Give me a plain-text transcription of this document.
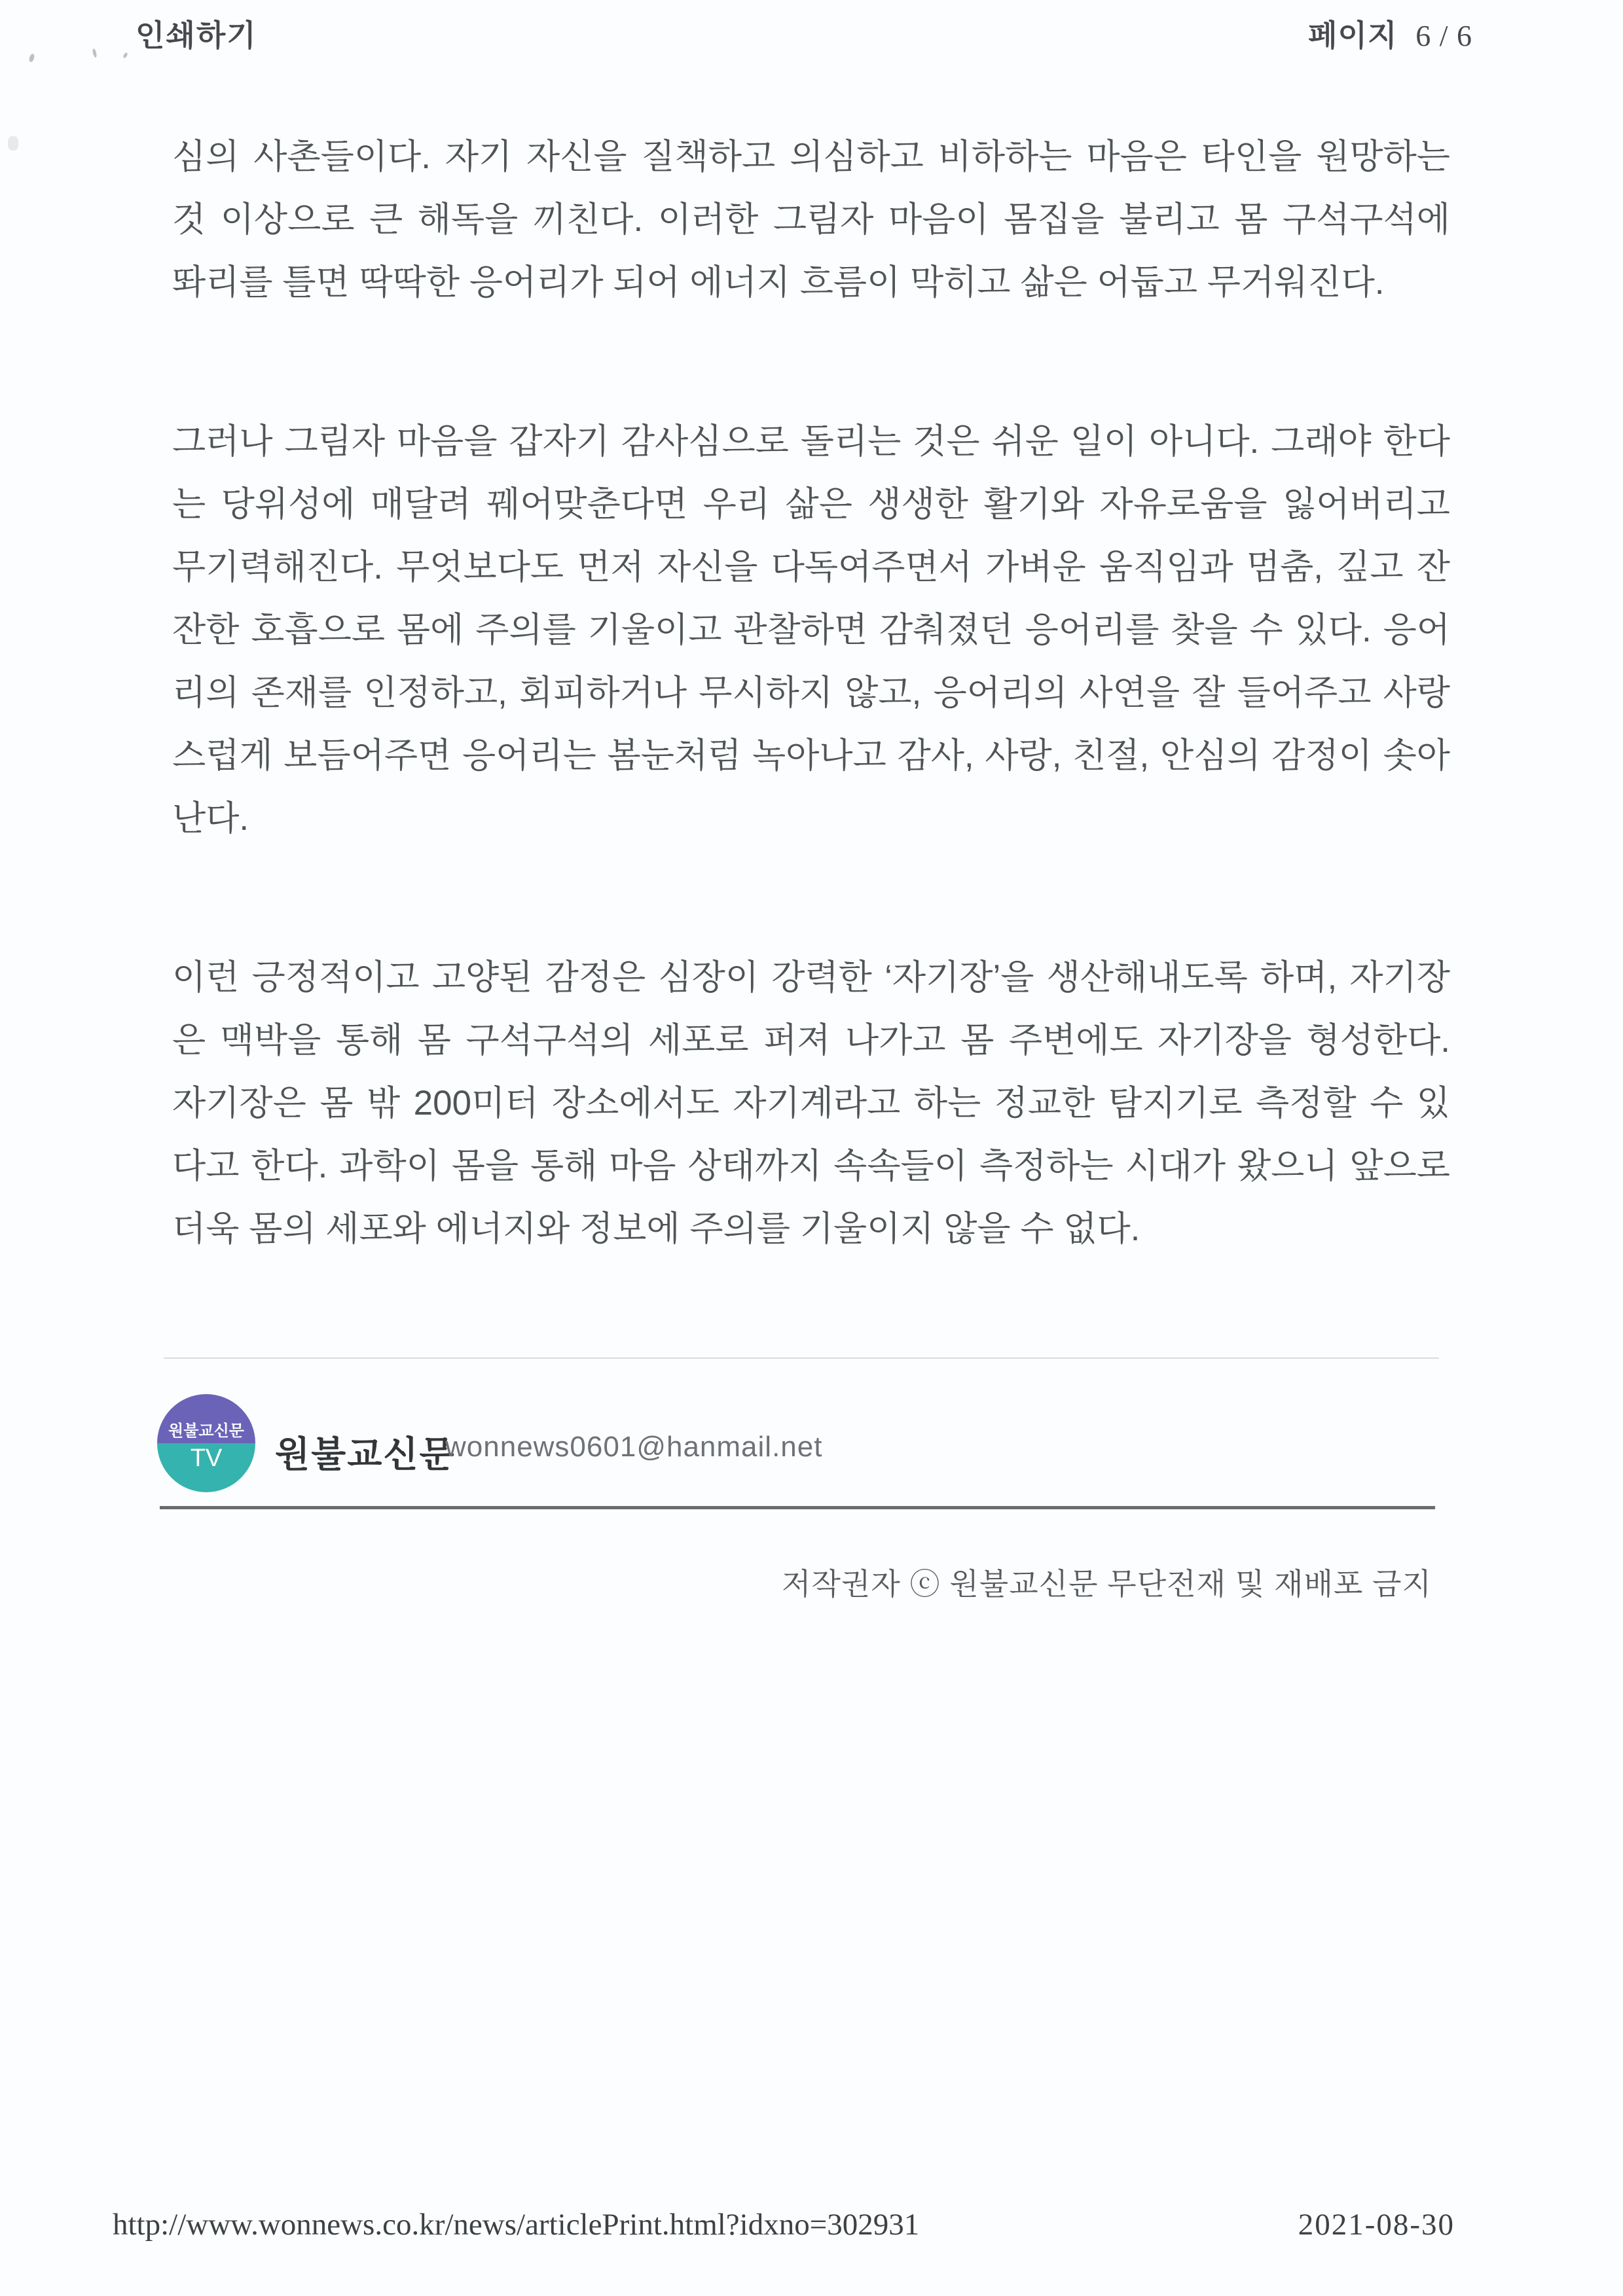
인쇄하기	페이지 6 / 6
심의 사촌들이다. 자기 자신을 질책하고 의심하고 비하하는 마음은 타인을 원망하는
것 이상으로 큰 해독을 끼친다. 이러한 그림자 마음이 몸집을 불리고 몸 구석구석에
똬리를 틀면 딱딱한 응어리가 되어 에너지 흐름이 막히고 삶은 어둡고 무거워진다.
그러나 그림자 마음을 갑자기 감사심으로 돌리는 것은 쉬운 일이 아니다. 그래야 한다
는 당위성에 매달려 꿰어맞춘다면 우리 삶은 생생한 활기와 자유로움을 잃어버리고
무기력해진다. 무엇보다도 먼저 자신을 다독여주면서 가벼운 움직임과 멈춤, 깊고 잔
잔한 호흡으로 몸에 주의를 기울이고 관찰하면 감춰졌던 응어리를 찾을 수 있다. 응어
리의 존재를 인정하고, 회피하거나 무시하지 않고, 응어리의 사연을 잘 들어주고 사랑
스럽게 보듬어주면 응어리는 봄눈처럼 녹아나고 감사, 사랑, 친절, 안심의 감정이 솟아
난다.
이런 긍정적이고 고양된 감정은 심장이 강력한 ‘자기장’을 생산해내도록 하며, 자기장
은 맥박을 통해 몸 구석구석의 세포로 퍼져 나가고 몸 주변에도 자기장을 형성한다.
자기장은 몸 밖 200미터 장소에서도 자기계라고 하는 정교한 탐지기로 측정할 수 있
다고 한다. 과학이 몸을 통해 마음 상태까지 속속들이 측정하는 시대가 왔으니 앞으로
더욱 몸의 세포와 에너지와 정보에 주의를 기울이지 않을 수 없다.
원불교신문
TV 원불교신문
wonnews0601@hanmail.net
저작권자 ⓒ 원불교신문 무단전재 및 재배포 금지
http://www.wonnews.co.kr/news/articlePrint.html?idxno=302931	2021-08-30
